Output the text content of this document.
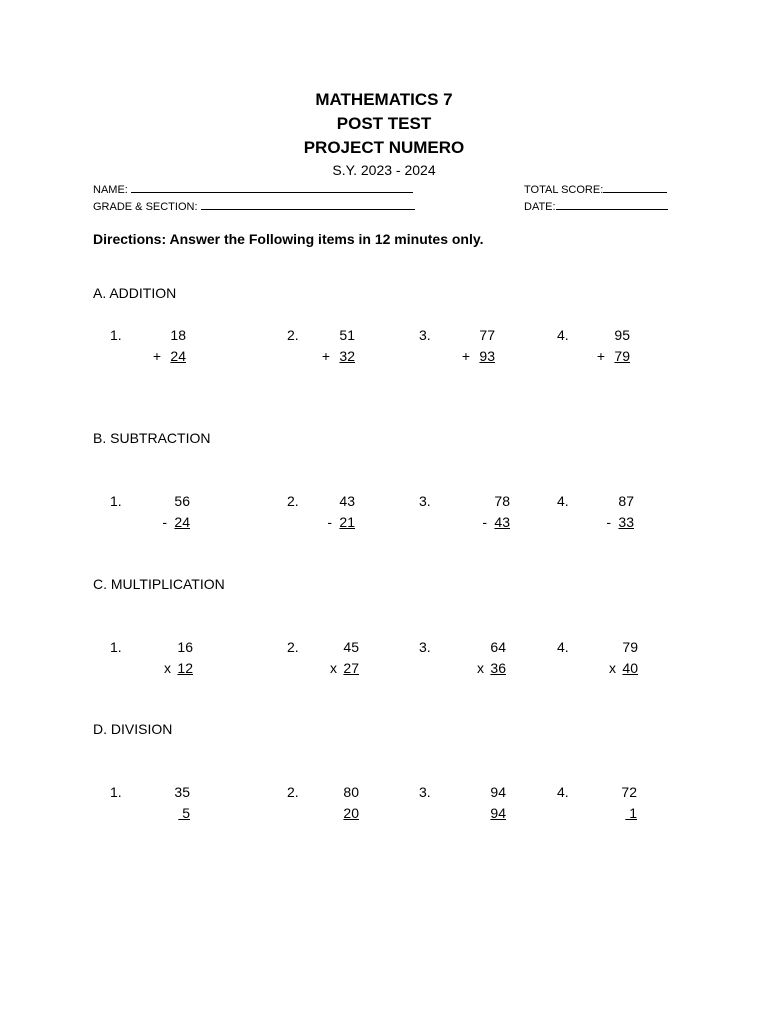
MATHEMATICS 7
POST TEST
PROJECT NUMERO
S.Y. 2023 - 2024
NAME:
GRADE & SECTION:
TOTAL SCORE:
DATE:
Directions: Answer the Following items in 12 minutes only.
A. ADDITION
B. SUBTRACTION
C. MULTIPLICATION
D. DIVISION
1.	18
+ 24
2.	51
+ 32
3.	77
+ 93
4.	95
+ 79
1.	56
- 24
2.	43
- 21
3.	78
- 43
4.	87
- 33
1.	16
x 12
2.	45
x 27
3.	64
x 36
4.	79
x 40
1.	35
5
2.	80
20
3.	94
94
4.	72
1
